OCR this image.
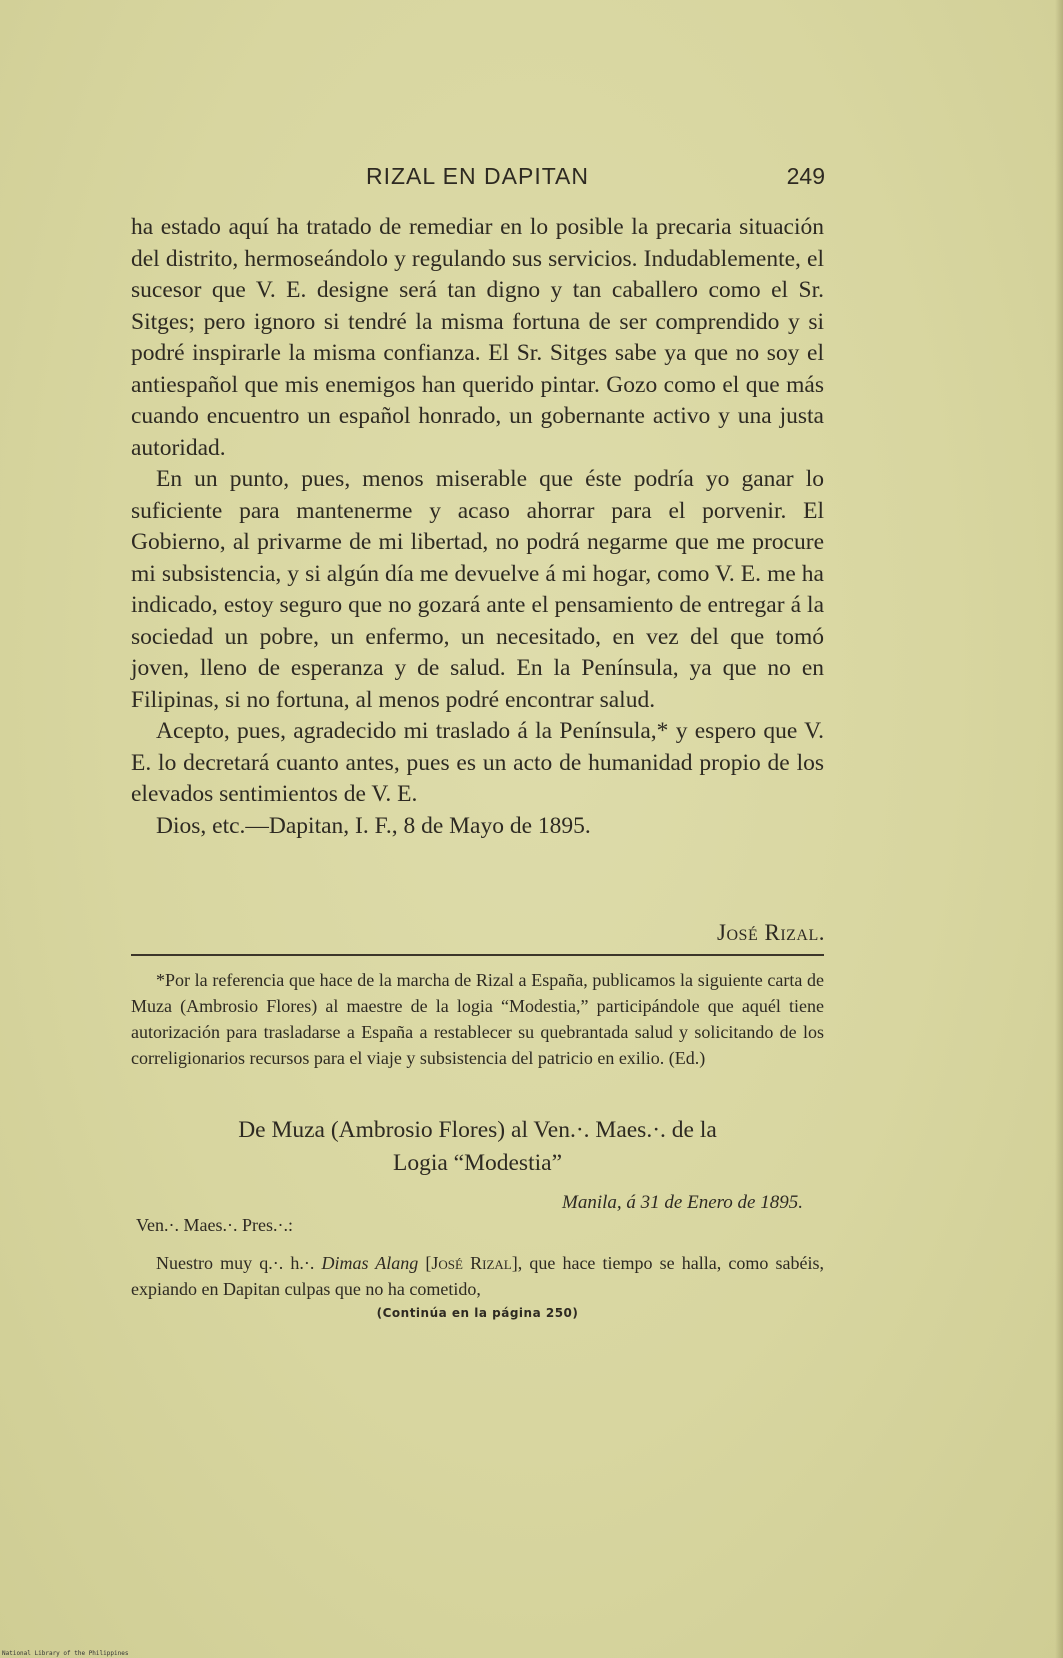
RIZAL EN DAPITAN	249

ha estado aquí ha tratado de remediar en lo posible la precaria situación del distrito, hermoseándolo y regulando sus servicios. Indudablemente, el sucesor que V. E. designe será tan digno y tan caballero como el Sr. Sitges; pero ignoro si tendré la misma fortuna de ser comprendido y si podré inspirarle la misma confianza. El Sr. Sitges sabe ya que no soy el antiespañol que mis enemigos han querido pintar. Gozo como el que más cuando encuentro un español honrado, un gobernante activo y una justa autoridad.

En un punto, pues, menos miserable que éste podría yo ganar lo suficiente para mantenerme y acaso ahorrar para el porvenir. El Gobierno, al privarme de mi libertad, no podrá negarme que me procure mi subsistencia, y si algún día me devuelve á mi hogar, como V. E. me ha indicado, estoy seguro que no gozará ante el pensamiento de entregar á la sociedad un pobre, un enfermo, un necesitado, en vez del que tomó joven, lleno de esperanza y de salud. En la Península, ya que no en Filipinas, si no fortuna, al menos podré encontrar salud.

Acepto, pues, agradecido mi traslado á la Península,* y espero que V. E. lo decretará cuanto antes, pues es un acto de humanidad propio de los elevados sentimientos de V. E.

Dios, etc.—Dapitan, I. F., 8 de Mayo de 1895.

José Rizal.

*Por la referencia que hace de la marcha de Rizal a España, publicamos la siguiente carta de Muza (Ambrosio Flores) al maestre de la logia “Modestia,” participándole que aquél tiene autorización para trasladarse a España a restablecer su quebrantada salud y solicitando de los correligionarios recursos para el viaje y subsistencia del patricio en exilio. (Ed.)

De Muza (Ambrosio Flores) al Ven.·. Maes.·. de la
Logia “Modestia”
Manila, á 31 de Enero de 1895.
Ven.·. Maes.·. Pres.·.:

Nuestro muy q.·. h.·. Dimas Alang [José Rizal], que hace tiempo se halla, como sabéis, expiando en Dapitan culpas que no ha cometido,

(Continúa en la página 250)
National Library of the Philippines
